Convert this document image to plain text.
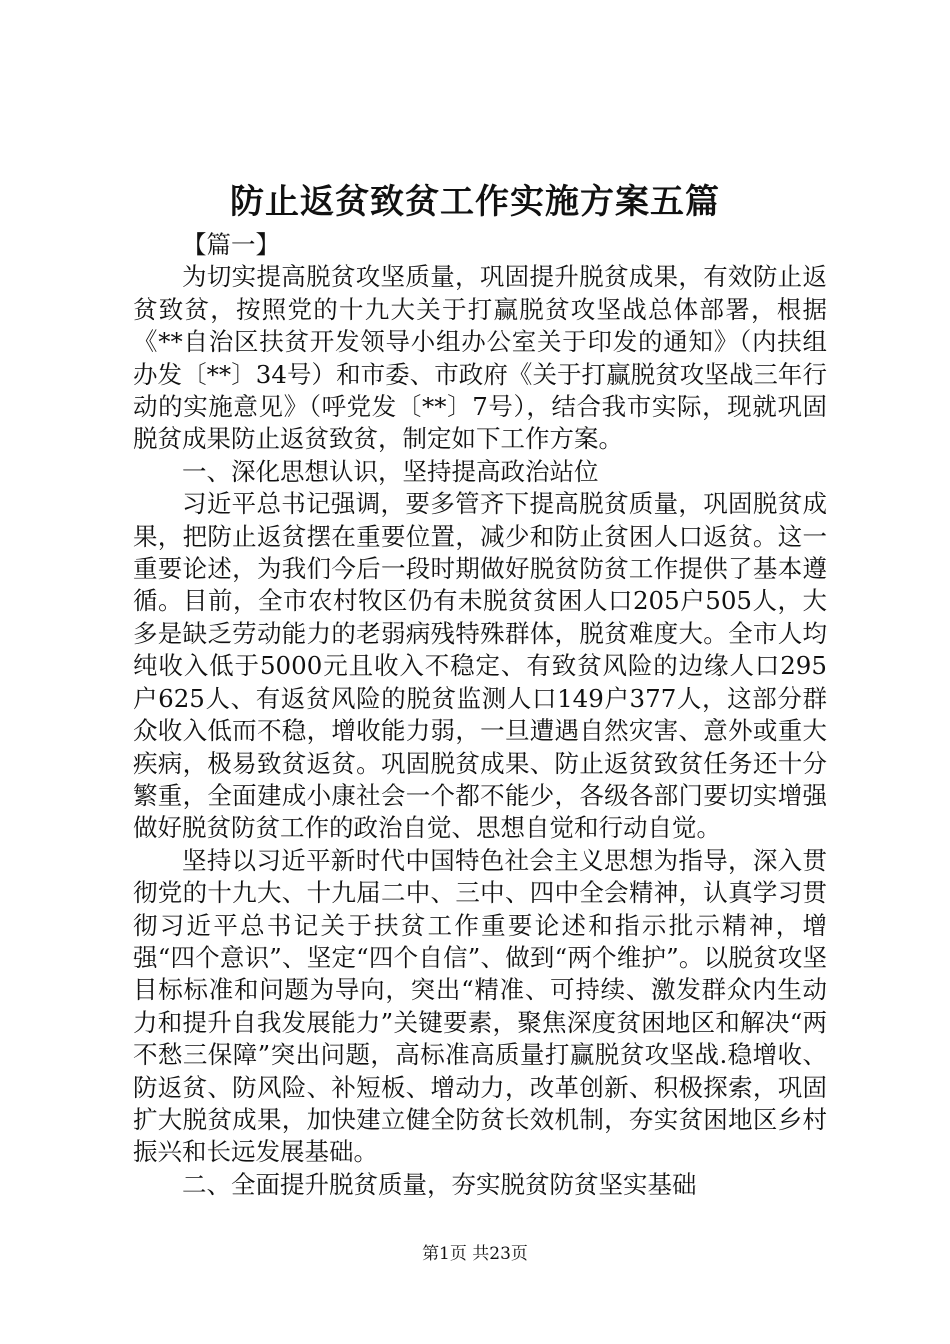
防止返贫致贫工作实施方案五篇

【篇一】

为切实提高脱贫攻坚质量，巩固提升脱贫成果，有效防止返贫致贫，按照党的十九大关于打赢脱贫攻坚战总体部署，根据《**自治区扶贫开发领导小组办公室关于印发的通知》（内扶组办发〔**〕34号）和市委、市政府《关于打赢脱贫攻坚战三年行动的实施意见》（呼党发〔**〕7号），结合我市实际，现就巩固脱贫成果防止返贫致贫，制定如下工作方案。

一、深化思想认识，坚持提高政治站位

习近平总书记强调，要多管齐下提高脱贫质量，巩固脱贫成果，把防止返贫摆在重要位置，减少和防止贫困人口返贫。这一重要论述，为我们今后一段时期做好脱贫防贫工作提供了基本遵循。目前，全市农村牧区仍有未脱贫贫困人口205户505人，大多是缺乏劳动能力的老弱病残特殊群体，脱贫难度大。全市人均纯收入低于5000元且收入不稳定、有致贫风险的边缘人口295户625人、有返贫风险的脱贫监测人口149户377人，这部分群众收入低而不稳，增收能力弱，一旦遭遇自然灾害、意外或重大疾病，极易致贫返贫。巩固脱贫成果、防止返贫致贫任务还十分繁重，全面建成小康社会一个都不能少，各级各部门要切实增强做好脱贫防贫工作的政治自觉、思想自觉和行动自觉。

坚持以习近平新时代中国特色社会主义思想为指导，深入贯彻党的十九大、十九届二中、三中、四中全会精神，认真学习贯彻习近平总书记关于扶贫工作重要论述和指示批示精神，增强“四个意识”、坚定“四个自信”、做到“两个维护”。以脱贫攻坚目标标准和问题为导向，突出“精准、可持续、激发群众内生动力和提升自我发展能力”关键要素，聚焦深度贫困地区和解决“两不愁三保障”突出问题，高标准高质量打赢脱贫攻坚战.稳增收、防返贫、防风险、补短板、增动力，改革创新、积极探索，巩固扩大脱贫成果，加快建立健全防贫长效机制，夯实贫困地区乡村振兴和长远发展基础。

二、全面提升脱贫质量，夯实脱贫防贫坚实基础

第1页 共23页
